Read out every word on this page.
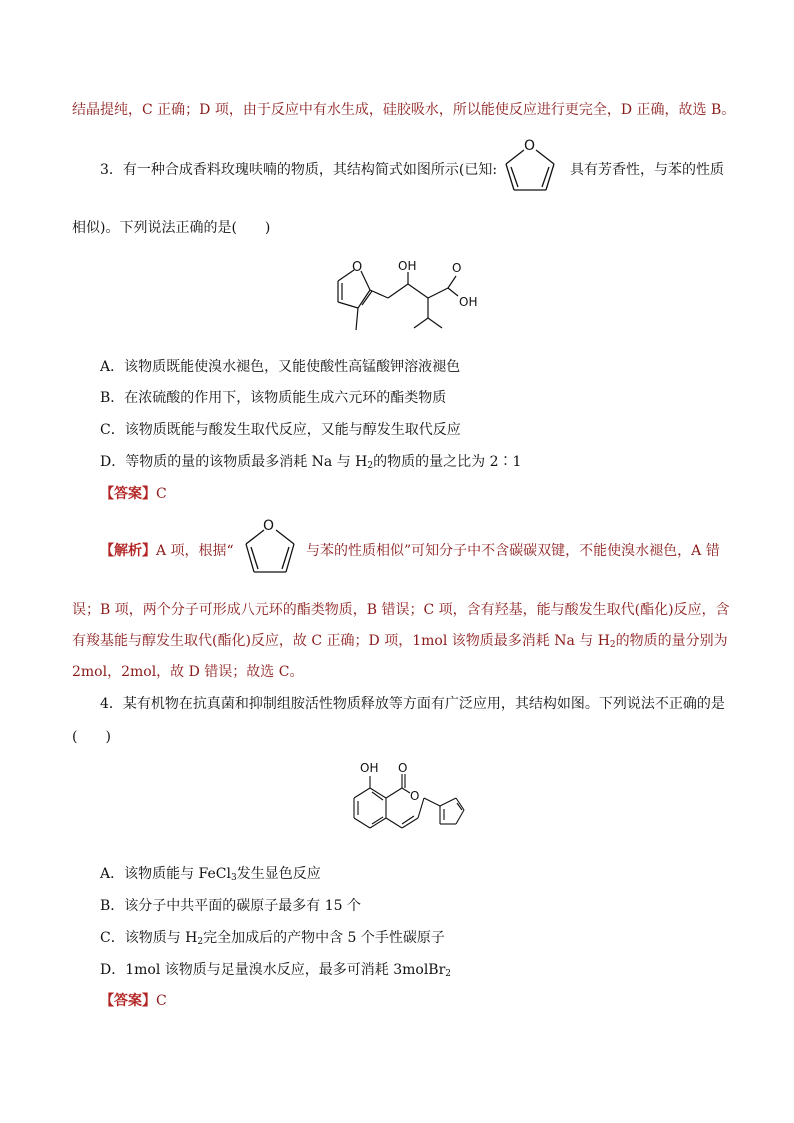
结晶提纯，C 正确；D 项，由于反应中有水生成，硅胶吸水，所以能使反应进行更完全，D 正确，故选 B。
3．有一种合成香料玫瑰呋喃的物质，其结构简式如图所示(已知:
O
具有芳香性，与苯的性质
相似)。下列说法正确的是(　　)
O	OH	O
OH
A．该物质既能使溴水褪色，又能使酸性高锰酸钾溶液褪色
B．在浓硫酸的作用下，该物质能生成六元环的酯类物质
C．该物质既能与酸发生取代反应，又能与醇发生取代反应
D．等物质的量的该物质最多消耗 Na 与 $H_2$的物质的量之比为 2∶1
【答案】C
【解析】A 项，根据“
O
与苯的性质相似”可知分子中不含碳碳双键，不能使溴水褪色，A 错
误；B 项，两个分子可形成八元环的酯类物质，B 错误；C 项，含有羟基，能与酸发生取代(酯化)反应，含
有羧基能与醇发生取代(酯化)反应，故 C 正确；D 项，1mol 该物质最多消耗 Na 与 $H_2$的物质的量分别为
2mol，2mol，故 D 错误；故选 C。
4．某有机物在抗真菌和抑制组胺活性物质释放等方面有广泛应用，其结构如图。下列说法不正确的是
(　　)
OH O
O
A．该物质能与 FeCl$_3$发生显色反应
B．该分子中共平面的碳原子最多有 15 个
C．该物质与 $H_2$完全加成后的产物中含 5 个手性碳原子
D．1mol 该物质与足量溴水反应，最多可消耗 3molBr$_2$
【答案】C
